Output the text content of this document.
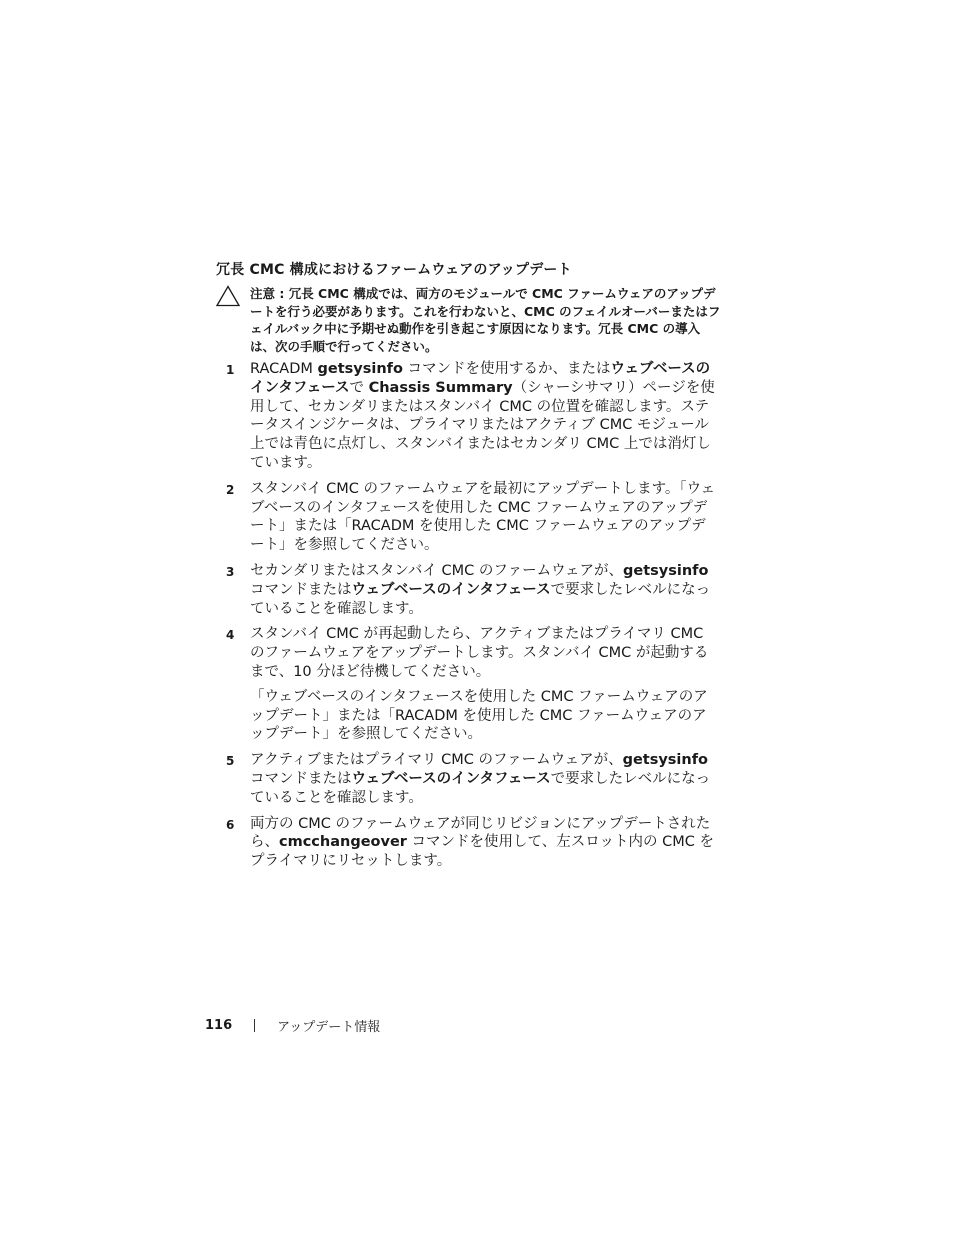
冗長 CMC 構成におけるファームウェアのアップデート
注意 : 冗長 CMC 構成では、両方のモジュールで CMC ファームウェアのアップデートを行う必要があります。これを行わないと、CMC のフェイルオーバーまたはフェイルバック中に予期せぬ動作を引き起こす原因になります。冗長 CMC の導入は、次の手順で行ってください。
1 RACADM getsysinfo コマンドを使用するか、またはウェブベースのインタフェースで Chassis Summary（シャーシサマリ）ページを使用して、セカンダリまたはスタンバイ CMC の位置を確認します。ステータスインジケータは、プライマリまたはアクティブ CMC モジュール上では青色に点灯し、スタンバイまたはセカンダリ CMC 上では消灯しています。

2 スタンバイ CMC のファームウェアを最初にアップデートします。「ウェブベースのインタフェースを使用した CMC ファームウェアのアップデート」または「RACADM を使用した CMC ファームウェアのアップデート」を参照してください。

3 セカンダリまたはスタンバイ CMC のファームウェアが、getsysinfo コマンドまたはウェブベースのインタフェースで要求したレベルになっていることを確認します。

4 スタンバイ CMC が再起動したら、アクティブまたはプライマリ CMC のファームウェアをアップデートします。スタンバイ CMC が起動するまで、10 分ほど待機してください。

「ウェブベースのインタフェースを使用した CMC ファームウェアのアップデート」または「RACADM を使用した CMC ファームウェアのアップデート」を参照してください。

5 アクティブまたはプライマリ CMC のファームウェアが、getsysinfo コマンドまたはウェブベースのインタフェースで要求したレベルになっていることを確認します。

6 両方の CMC のファームウェアが同じリビジョンにアップデートされたら、cmcchangeover コマンドを使用して、左スロット内の CMC をプライマリにリセットします。

116	アップデート情報
